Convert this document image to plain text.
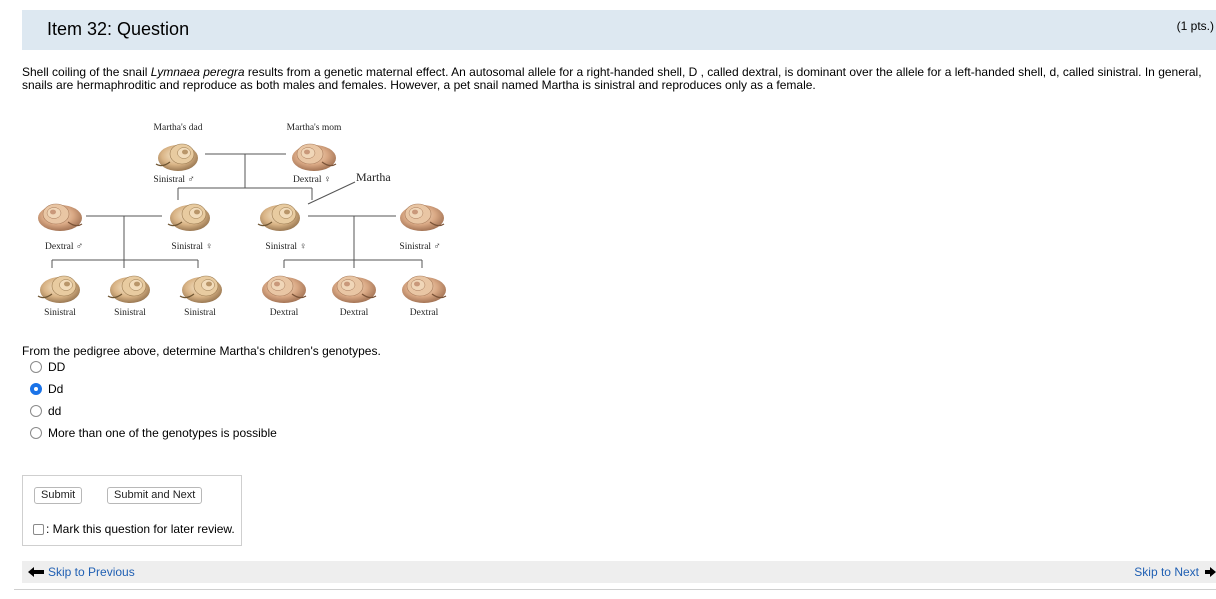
Item 32: Question	(1 pts.)
Shell coiling of the snail Lymnaea peregra results from a genetic maternal effect. An autosomal allele for a right-handed shell, D , called dextral, is dominant over the allele for a left-handed shell, d, called sinistral. In general, snails are hermaphroditic and reproduce as both males and females. However, a pet snail named Martha is sinistral and reproduces only as a female.
Martha's dad	Martha's mom
Sinistral ♂	Dextral ♀ Martha
Dextral ♂	Sinistral ♀	Sinistral ♀	Sinistral ♂
Sinistral	Sinistral	Sinistral	Dextral	Dextral	Dextral
From the pedigree above, determine Martha's children's genotypes.
DD
Dd
dd
More than one of the genotypes is possible
Submit	Submit and Next
: Mark this question for later review.
Skip to Previous	Skip to Next
